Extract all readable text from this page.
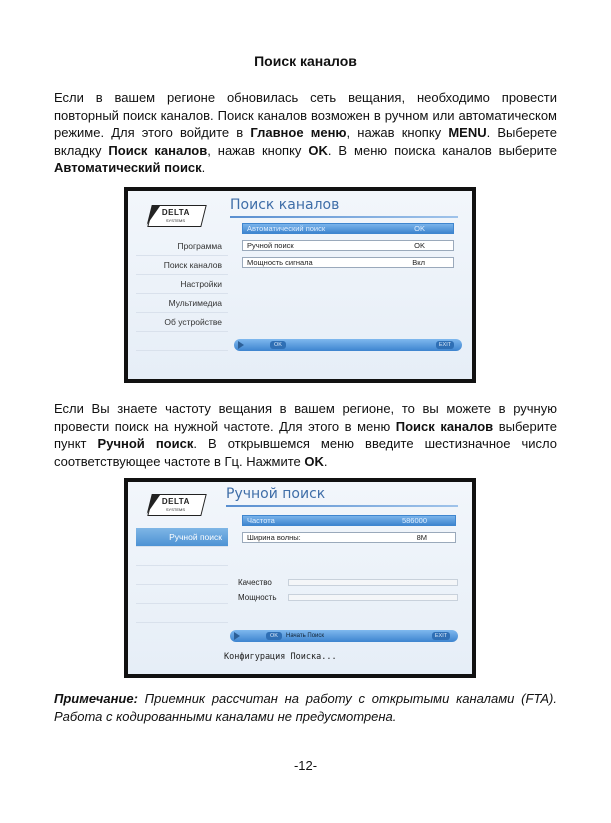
Поиск каналов

Если в вашем регионе обновилась сеть вещания, необходимо провести повторный поиск каналов. Поиск каналов возможен в ручном или автоматическом режиме. Для этого войдите в Главное меню, нажав кнопку MENU. Выберете вкладку Поиск каналов, нажав кнопку OK. В меню поиска каналов выберите Автоматический поиск.

DELTA
SYSTEMS
Поиск каналов
Программа
Поиск каналов
Настройки
Мультимедиа
Об устройстве
Автоматический поиск	OK
Ручной поиск	OK
Мощность сигнала	Вкл
OK	EXIT

Если Вы знаете частоту вещания в вашем регионе, то вы можете в ручную провести поиск на нужной частоте. Для этого в меню Поиск каналов выберите пункт Ручной поиск. В открывшемся меню введите шестизначное число соответствующее частоте в Гц. Нажмите OK.

DELTA
SYSTEMS
Ручной поиск
Ручной поиск
Частота	586000
Ширина волны:	8M
Качество
Мощность
OK	Начать Поиск	EXIT
Конфигурация Поиска...

Примечание: Приемник рассчитан на работу с открытыми каналами (FTA). Работа с кодированными каналами не предусмотрена.

-12-
